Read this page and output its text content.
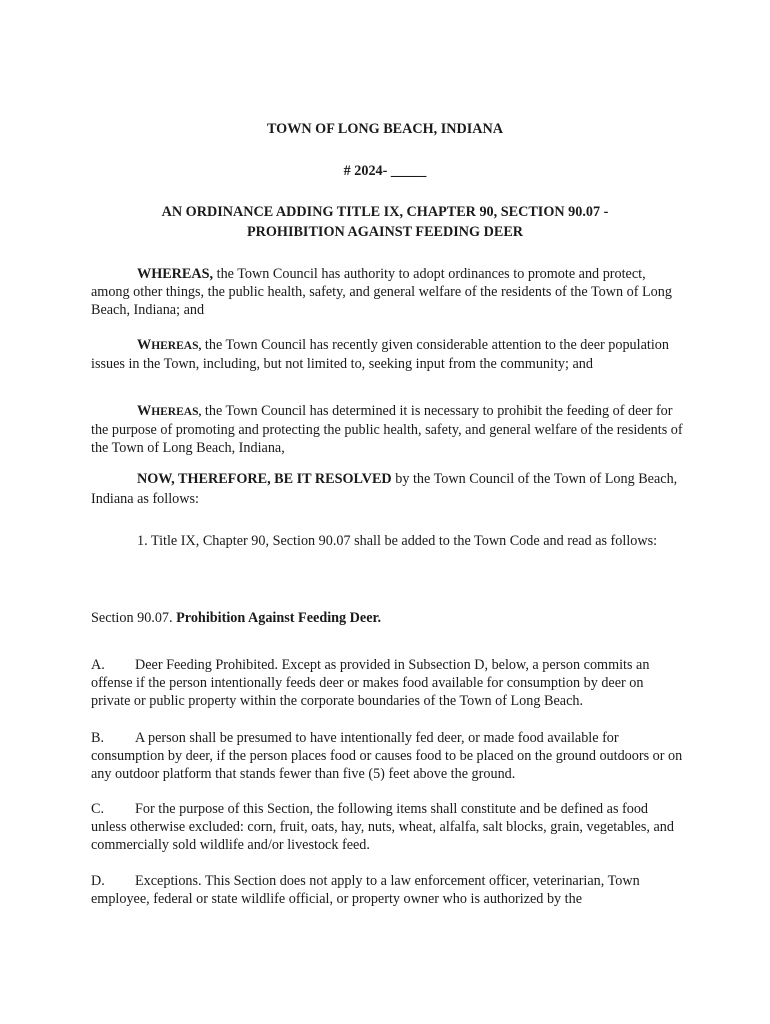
TOWN OF LONG BEACH, INDIANA
# 2024- _____
AN ORDINANCE ADDING TITLE IX, CHAPTER 90, SECTION 90.07 -
PROHIBITION AGAINST FEEDING DEER
WHEREAS, the Town Council has authority to adopt ordinances to promote and protect, among other things, the public health, safety, and general welfare of the residents of the Town of Long Beach, Indiana; and
WHEREAS, the Town Council has recently given considerable attention to the deer population issues in the Town, including, but not limited to, seeking input from the community; and
WHEREAS, the Town Council has determined it is necessary to prohibit the feeding of deer for the purpose of promoting and protecting the public health, safety, and general welfare of the residents of the Town of Long Beach, Indiana,
NOW, THEREFORE, BE IT RESOLVED by the Town Council of the Town of Long Beach, Indiana as follows:
1. Title IX, Chapter 90, Section 90.07 shall be added to the Town Code and read as follows:
Section 90.07. Prohibition Against Feeding Deer.
A. Deer Feeding Prohibited. Except as provided in Subsection D, below, a person commits an offense if the person intentionally feeds deer or makes food available for consumption by deer on private or public property within the corporate boundaries of the Town of Long Beach.
B. A person shall be presumed to have intentionally fed deer, or made food available for consumption by deer, if the person places food or causes food to be placed on the ground outdoors or on any outdoor platform that stands fewer than five (5) feet above the ground.
C. For the purpose of this Section, the following items shall constitute and be defined as food unless otherwise excluded: corn, fruit, oats, hay, nuts, wheat, alfalfa, salt blocks, grain, vegetables, and commercially sold wildlife and/or livestock feed.
D. Exceptions. This Section does not apply to a law enforcement officer, veterinarian, Town employee, federal or state wildlife official, or property owner who is authorized by the
